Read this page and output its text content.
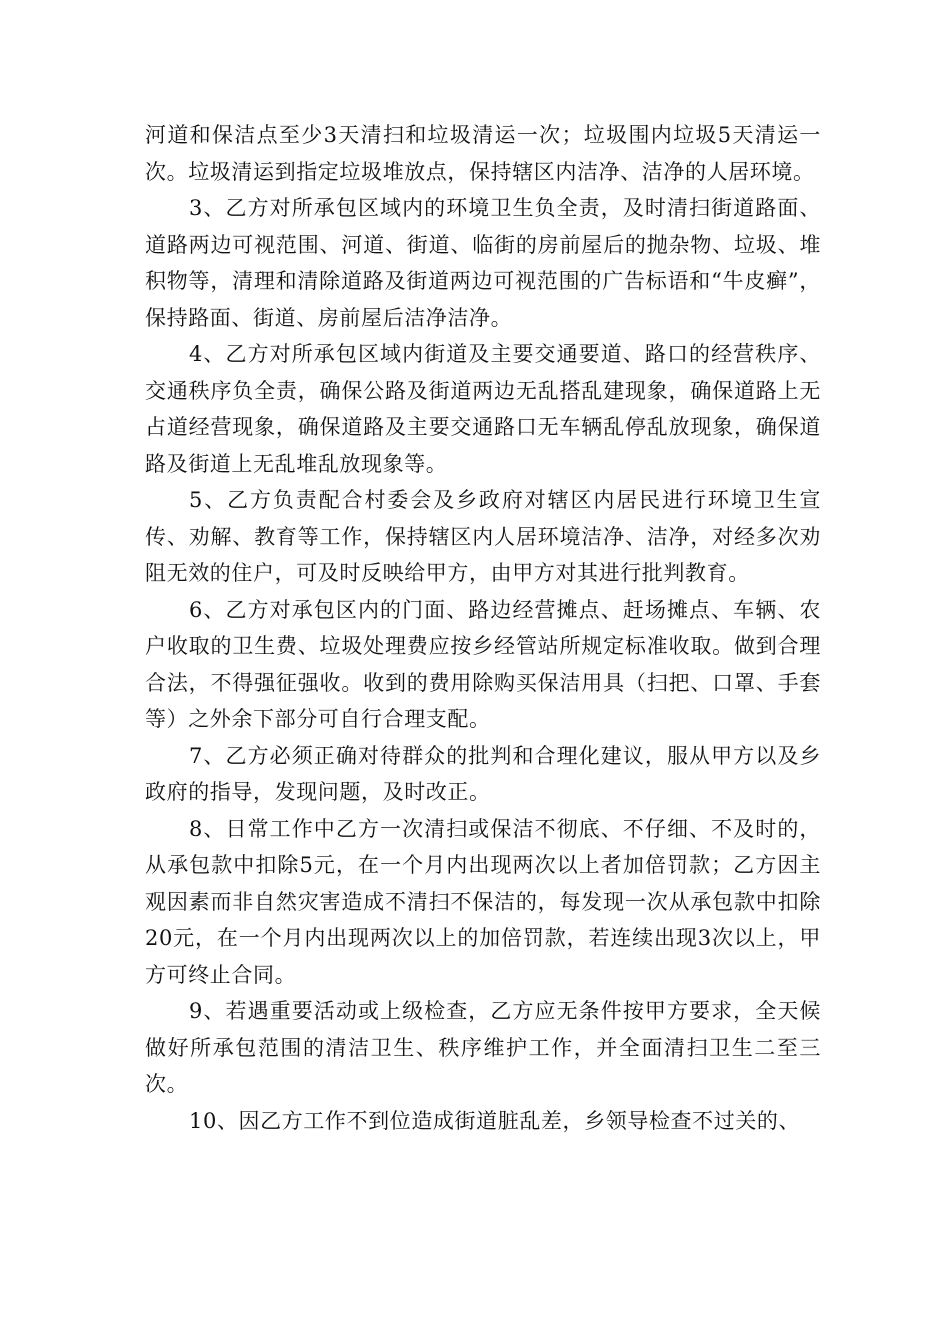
河道和保洁点至少3天清扫和垃圾清运一次；垃圾围内垃圾5天清运一次。垃圾清运到指定垃圾堆放点，保持辖区内洁净、洁净的人居环境。

3、乙方对所承包区域内的环境卫生负全责，及时清扫街道路面、道路两边可视范围、河道、街道、临街的房前屋后的抛杂物、垃圾、堆积物等，清理和清除道路及街道两边可视范围的广告标语和“牛皮癣”，保持路面、街道、房前屋后洁净洁净。

4、乙方对所承包区域内街道及主要交通要道、路口的经营秩序、交通秩序负全责，确保公路及街道两边无乱搭乱建现象，确保道路上无占道经营现象，确保道路及主要交通路口无车辆乱停乱放现象，确保道路及街道上无乱堆乱放现象等。

5、乙方负责配合村委会及乡政府对辖区内居民进行环境卫生宣传、劝解、教育等工作，保持辖区内人居环境洁净、洁净，对经多次劝阻无效的住户，可及时反映给甲方，由甲方对其进行批判教育。

6、乙方对承包区内的门面、路边经营摊点、赶场摊点、车辆、农户收取的卫生费、垃圾处理费应按乡经管站所规定标准收取。做到合理合法，不得强征强收。收到的费用除购买保洁用具（扫把、口罩、手套等）之外余下部分可自行合理支配。

7、乙方必须正确对待群众的批判和合理化建议，服从甲方以及乡政府的指导，发现问题，及时改正。

8、日常工作中乙方一次清扫或保洁不彻底、不仔细、不及时的，从承包款中扣除5元，在一个月内出现两次以上者加倍罚款；乙方因主观因素而非自然灾害造成不清扫不保洁的，每发现一次从承包款中扣除20元，在一个月内出现两次以上的加倍罚款，若连续出现3次以上，甲方可终止合同。

9、若遇重要活动或上级检查，乙方应无条件按甲方要求，全天候做好所承包范围的清洁卫生、秩序维护工作，并全面清扫卫生二至三次。

10、因乙方工作不到位造成街道脏乱差，乡领导检查不过关的、
